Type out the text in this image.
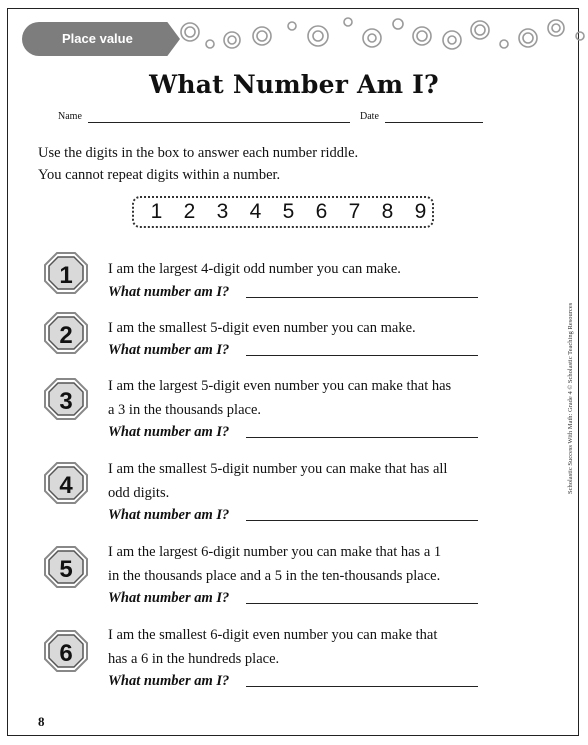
Place value
What Number Am I?
Name	Date
Use the digits in the box to answer each number riddle.
You cannot repeat digits within a number.
1	2	3	4	5	6	7	8	9
1 I am the largest 4-digit odd number you can make.
What number am I?
2 I am the smallest 5-digit even number you can make.
What number am I?
3
I am the largest 5-digit even number you can make that has
a 3 in the thousands place.
What number am I?
4
I am the smallest 5-digit number you can make that has all
odd digits.
What number am I?
5
I am the largest 6-digit number you can make that has a 1
in the thousands place and a 5 in the ten-thousands place.
What number am I?
6
I am the smallest 6-digit even number you can make that
has a 6 in the hundreds place.
What number am I?
Scholastic Success With Math: Grade 4 © Scholastic Teaching Resources
8
